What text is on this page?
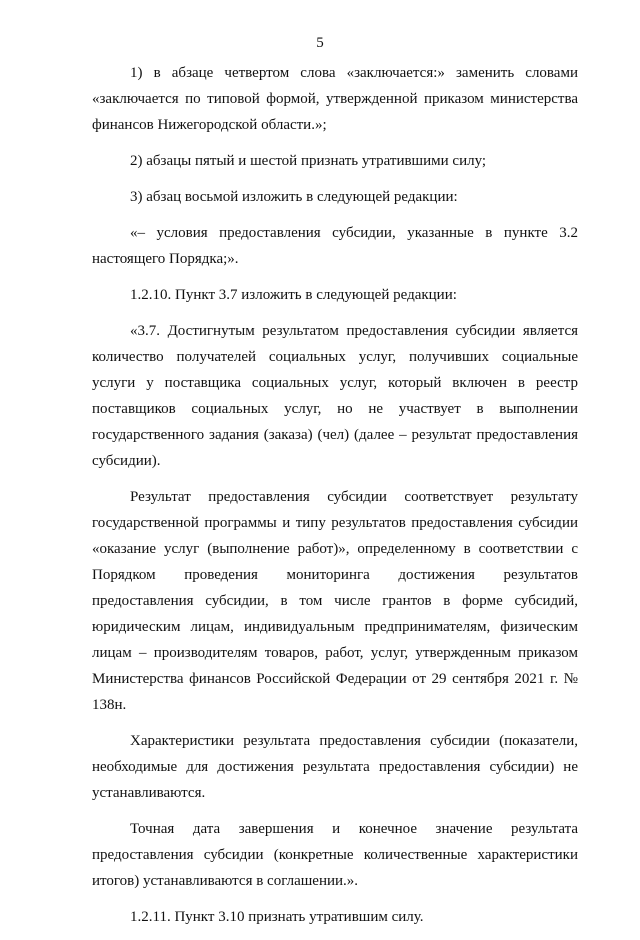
5

1) в абзаце четвертом слова «заключается:» заменить словами «заключается по типовой формой, утвержденной приказом министерства финансов Нижегородской области.»;

2) абзацы пятый и шестой признать утратившими силу;

3) абзац восьмой изложить в следующей редакции:

«– условия предоставления субсидии, указанные в пункте 3.2 настоящего Порядка;».

1.2.10. Пункт 3.7 изложить в следующей редакции:

«3.7. Достигнутым результатом предоставления субсидии является количество получателей социальных услуг, получивших социальные услуги у поставщика социальных услуг, который включен в реестр поставщиков социальных услуг, но не участвует в выполнении государственного задания (заказа) (чел) (далее – результат предоставления субсидии).

Результат предоставления субсидии соответствует результату государственной программы и типу результатов предоставления субсидии «оказание услуг (выполнение работ)», определенному в соответствии с Порядком проведения мониторинга достижения результатов предоставления субсидии, в том числе грантов в форме субсидий, юридическим лицам, индивидуальным предпринимателям, физическим лицам – производителям товаров, работ, услуг, утвержденным приказом Министерства финансов Российской Федерации от 29 сентября 2021 г. № 138н.

Характеристики результата предоставления субсидии (показатели, необходимые для достижения результата предоставления субсидии) не устанавливаются.

Точная дата завершения и конечное значение результата предоставления субсидии (конкретные количественные характеристики итогов) устанавливаются в соглашении.».

1.2.11. Пункт 3.10 признать утратившим силу.
